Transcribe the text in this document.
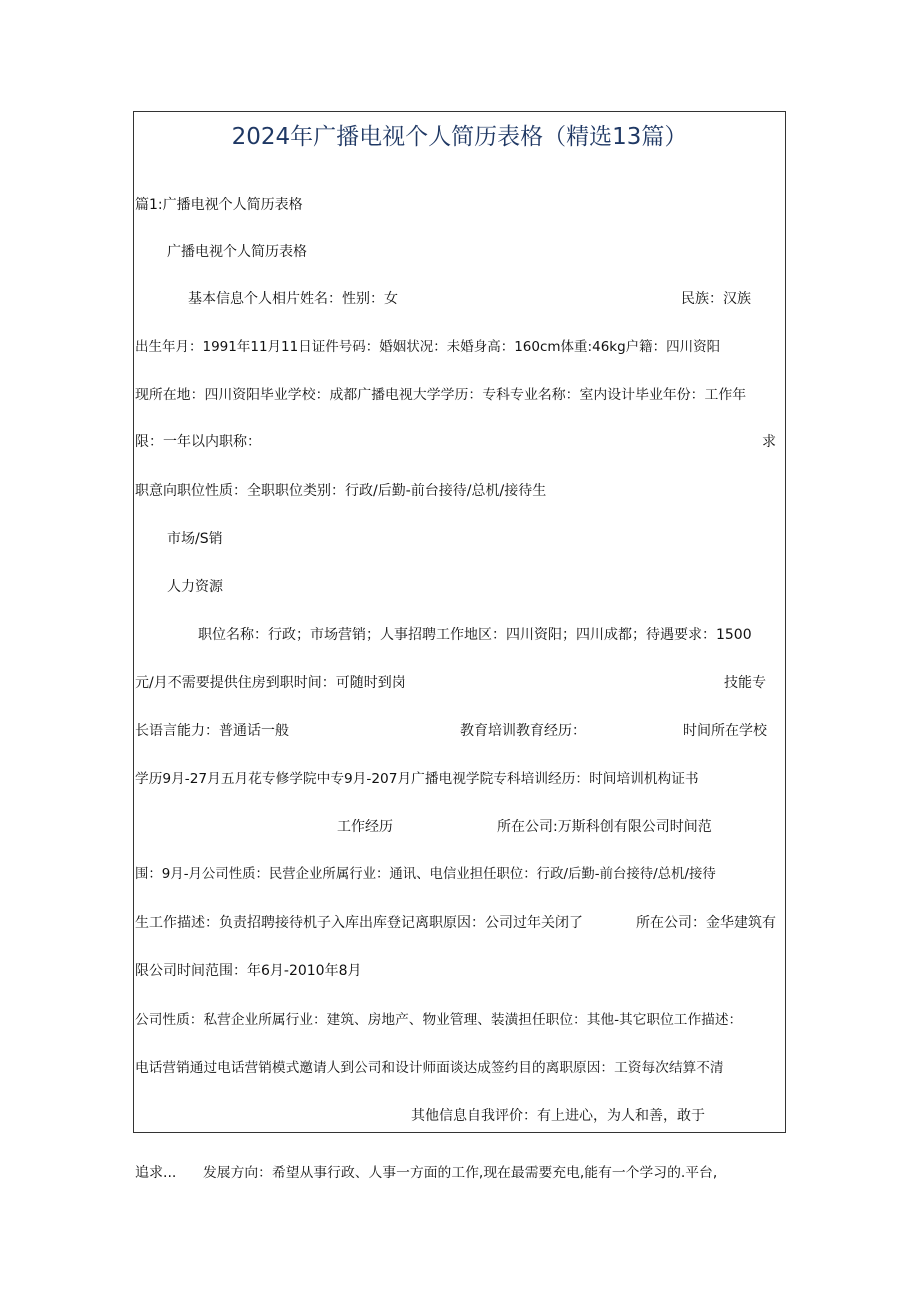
2024年广播电视个人简历表格（精选13篇）
篇1:广播电视个人简历表格
广播电视个人简历表格
基本信息个人相片姓名：性别：女	民族：汉族
出生年月：1991年11月11日证件号码：婚姻状况：未婚身高：160cm体重:46kg户籍：四川资阳
现所在地：四川资阳毕业学校：成都广播电视大学学历：专科专业名称：室内设计毕业年份：工作年
限：一年以内职称：	求
职意向职位性质：全职职位类别：行政/后勤-前台接待/总机/接待生
市场/S销
人力资源
职位名称：行政；市场营销；人事招聘工作地区：四川资阳；四川成都；待遇要求：1500
元/月不需要提供住房到职时间：可随时到岗	技能专
长语言能力：普通话一般	教育培训教育经历：	时间所在学校
学历9月-27月五月花专修学院中专9月-207月广播电视学院专科培训经历：时间培训机构证书
工作经历	所在公司:万斯科创有限公司时间范
围：9月-月公司性质：民营企业所属行业：通讯、电信业担任职位：行政/后勤-前台接待/总机/接待
生工作描述：负责招聘接待机子入库出库登记离职原因：公司过年关闭了	所在公司：金华建筑有
限公司时间范围：年6月-2010年8月
公司性质：私营企业所属行业：建筑、房地产、物业管理、装潢担任职位：其他-其它职位工作描述：
电话营销通过电话营销模式邀请人到公司和设计师面谈达成签约目的离职原因：工资每次结算不清
其他信息自我评价：有上进心，为人和善，敢于
追求... 发展方向：希望从事行政、人事一方面的工作,现在最需要充电,能有一个学习的.平台,
